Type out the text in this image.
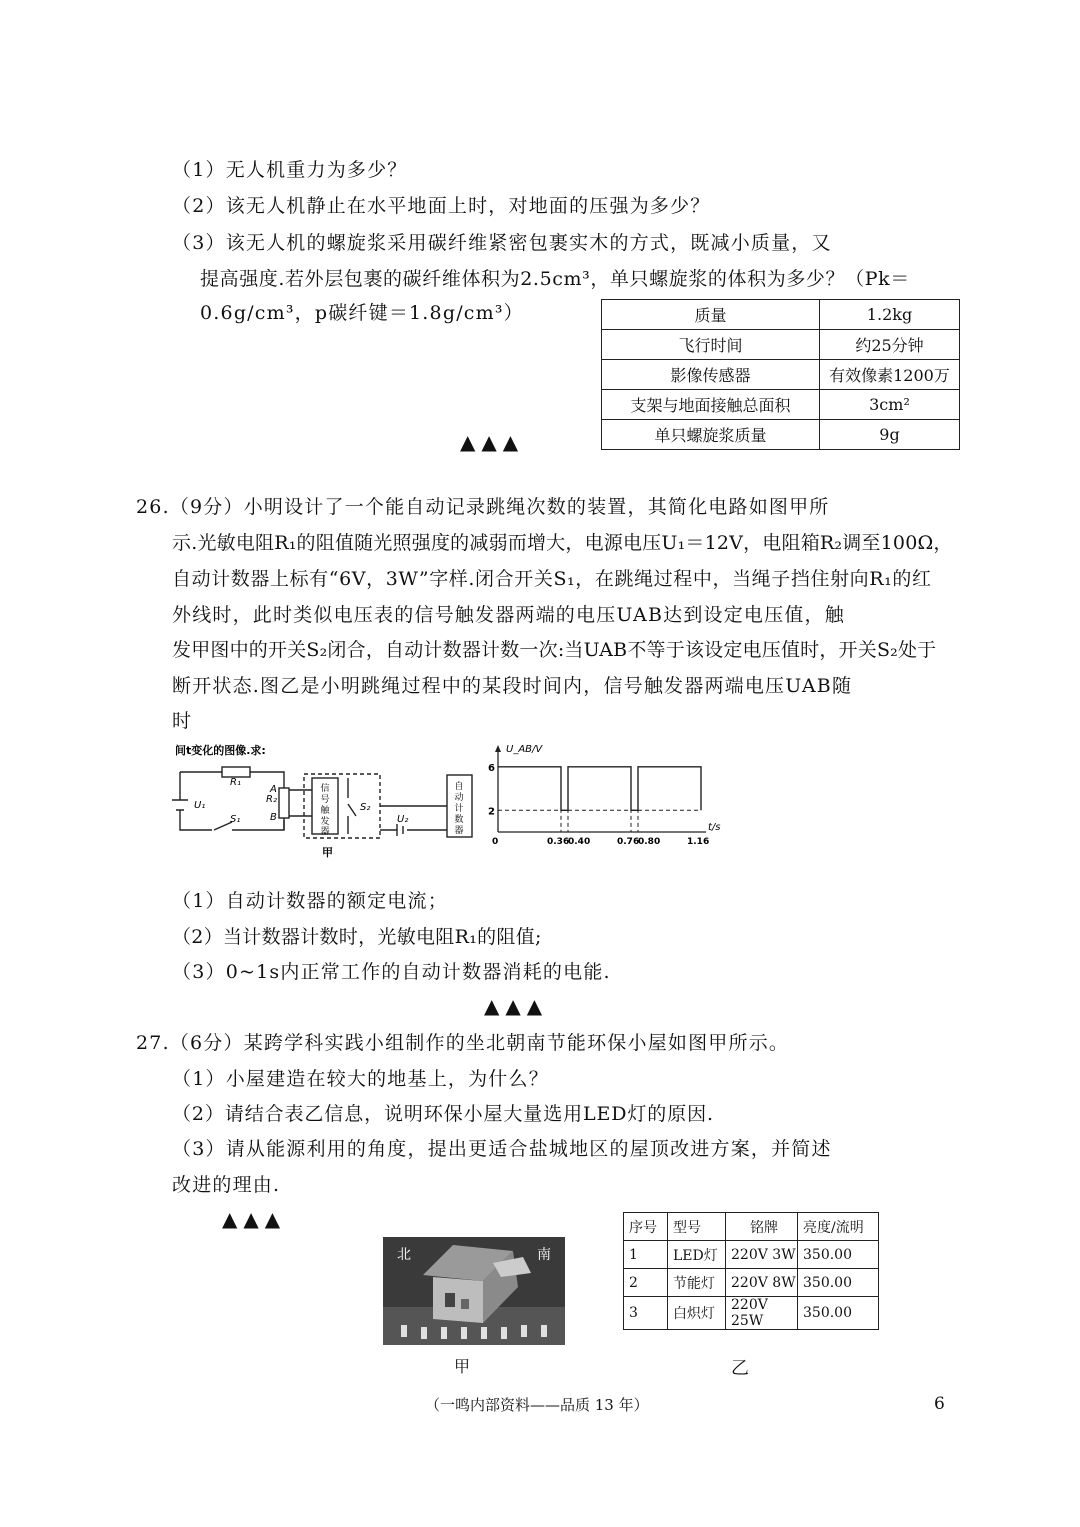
（1）无人机重力为多少？
（2）该无人机静止在水平地面上时，对地面的压强为多少？
（3）该无人机的螺旋浆采用碳纤维紧密包裹实木的方式，既减小质量，又
提高强度.若外层包裹的碳纤维体积为2.5cm³，单只螺旋浆的体积为多少？（Pk＝
0.6g/cm³，p碳纤键＝1.8g/cm³）	质量	1.2kg
飞行时间	约25分钟
影像传感器	有效像素1200万
支架与地面接触总面积	3cm²
单只螺旋浆质量	9g
▲▲▲
26.（9分）小明设计了一个能自动记录跳绳次数的装置，其简化电路如图甲所
示.光敏电阻R₁的阻值随光照强度的减弱而增大，电源电压U₁＝12V，电阻箱R₂调至100Ω，
自动计数器上标有“6V，3W”字样.闭合开关S₁，在跳绳过程中，当绳子挡住射向R₁的红
外线时，此时类似电压表的信号触发器两端的电压UAB达到设定电压值，触
发甲图中的开关S₂闭合，自动计数器计数一次:当UAB不等于该设定电压值时，开关S₂处于
断开状态.图乙是小明跳绳过程中的某段时间内，信号触发器两端电压UAB随
时
间t变化的图像.求:
R₁
R₂
A
B
U₁
S₁
S₂
U₂
信
号
触
发
器
自
动
计
数
器
甲
U_AB/V
t/s
0	0.36
0.40	0.76
0.80	1.16
6
2
（1）自动计数器的额定电流；
（2）当计数器计数时，光敏电阻R₁的阻值;
（3）0~1s内正常工作的自动计数器消耗的电能.
▲▲▲
27.（6分）某跨学科实践小组制作的坐北朝南节能环保小屋如图甲所示。
（1）小屋建造在较大的地基上，为什么？
（2）请结合表乙信息，说明环保小屋大量选用LED灯的原因.
（3）请从能源利用的角度，提出更适合盐城地区的屋顶改进方案，并简述
改进的理由.
▲▲▲
北	南
甲
序号	型号	铭牌	亮度/流明
1	LED灯	220V 3W	350.00
2	节能灯	220V 8W	350.00
3	白炽灯	220V 25W	350.00
乙
（一鸣内部资料——品质 13 年）	6
